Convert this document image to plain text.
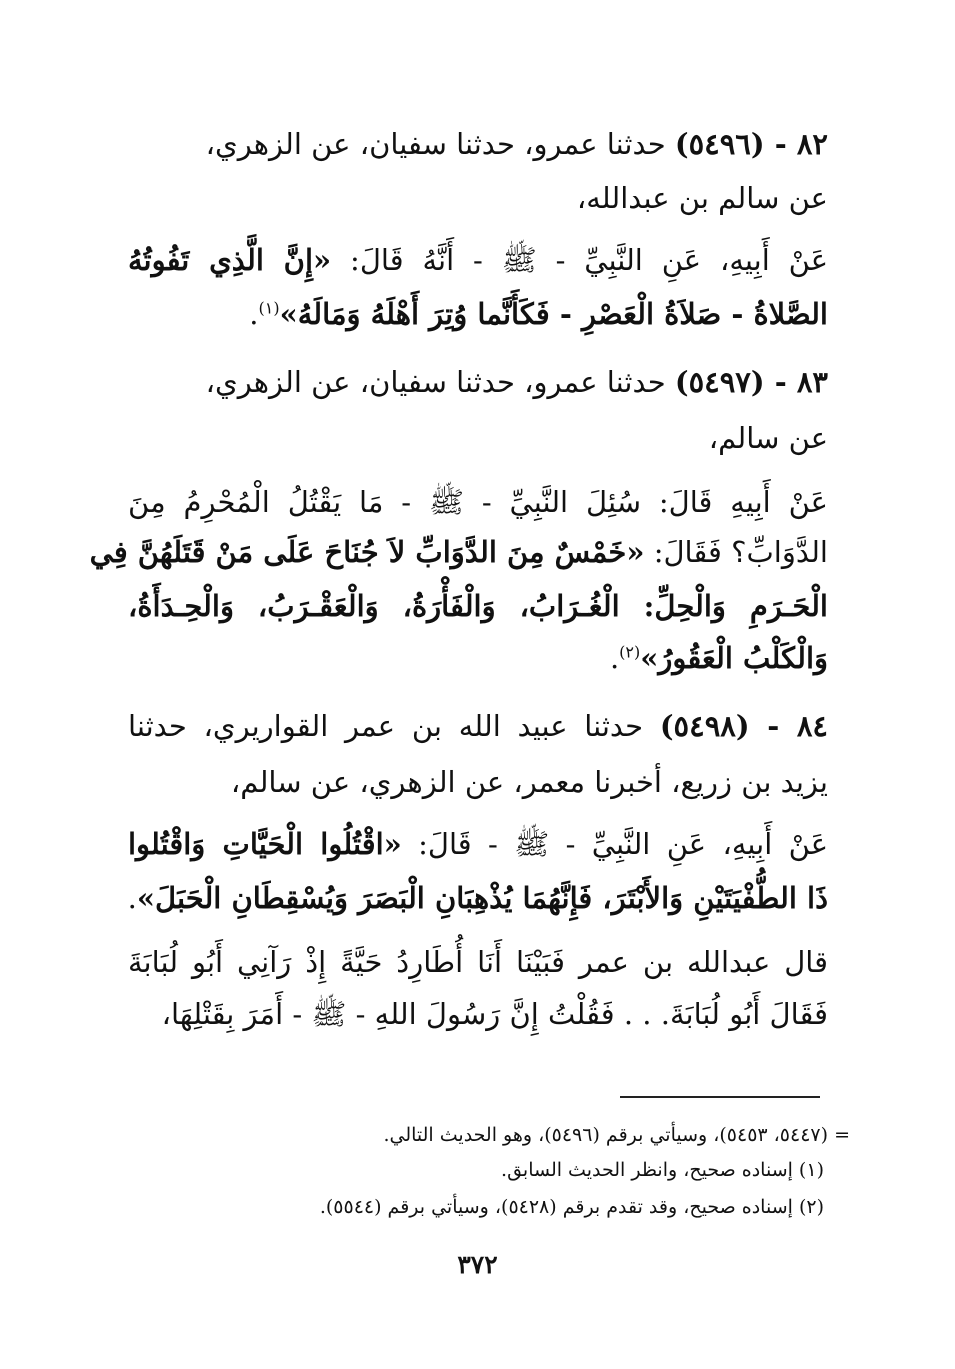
٨٢ - (٥٤٩٦) حدثنا عمرو، حدثنا سفيان، عن الزهري،
عن سالم بن عبدالله،
عَنْ أَبِيهِ، عَنِ النَّبِيِّ - ﷺ - أَنَّهُ قَالَ: «إِنَّ الَّذِي تَفُوتُهُ
الصَّلاةُ - صَلاَةُ الْعَصْرِ - فَكَأَنَّما وُتِرَ أَهْلَهُ وَمَالَهُ»$^{(١)}$.
٨٣ - (٥٤٩٧) حدثنا عمرو، حدثنا سفيان، عن الزهري،
عن سالم،
عَنْ أَبِيهِ قَالَ: سُئِلَ النَّبِيِّ - ﷺ - مَا يَقْتُلُ الْمُحْرِمُ مِنَ
الدَّوَابِّ؟ فَقَالَ: «خَمْسٌ مِنَ الدَّوَابِّ لاَ جُنَاحَ عَلَى مَنْ قَتَلَهُنَّ فِي
الْحَـرَمِ وَالْحِلِّ: الْغُـرَابُ، وَالْفَأْرَةُ، وَالْعَقْـرَبُ، وَالْحِـدَأَةُ،
وَالْكَلْبُ الْعَقُورُ»$^{(٢)}$.
٨٤ - (٥٤٩٨) حدثنا عبيد الله بن عمر القواريري، حدثنا
يزيد بن زريع، أخبرنا معمر، عن الزهري، عن سالم،
عَنْ أَبِيهِ، عَنِ النَّبِيِّ - ﷺ - قَالَ: «اقْتُلُوا الْحَيَّاتِ وَاقْتُلوا
ذَا الطُّفْيَتَيْنِ وَالأَبْتَرَ، فَإِنَّهُمَا يُذْهِبَانِ الْبَصَرَ وَيُسْقِطَانِ الْحَبَلَ».
قال عبدالله بن عمر فَبَيْنَا أَنَا أُطَارِدُ حَيَّةً إِذْ رَآنِي أَبُو لُبَابَةَ
فَقَالَ أَبُو لُبَابَةَ. . . فَقُلْتُ إِنَّ رَسُولَ اللهِ - ﷺ - أَمَرَ بِقَتْلِهَا،
= (٥٤٤٧، ٥٤٥٣)، وسيأتي برقم (٥٤٩٦)، وهو الحديث التالي.
(١) إسناده صحيح، وانظر الحديث السابق.
(٢) إسناده صحيح، وقد تقدم برقم (٥٤٢٨)، وسيأتي برقم (٥٥٤٤).
٣٧٢
